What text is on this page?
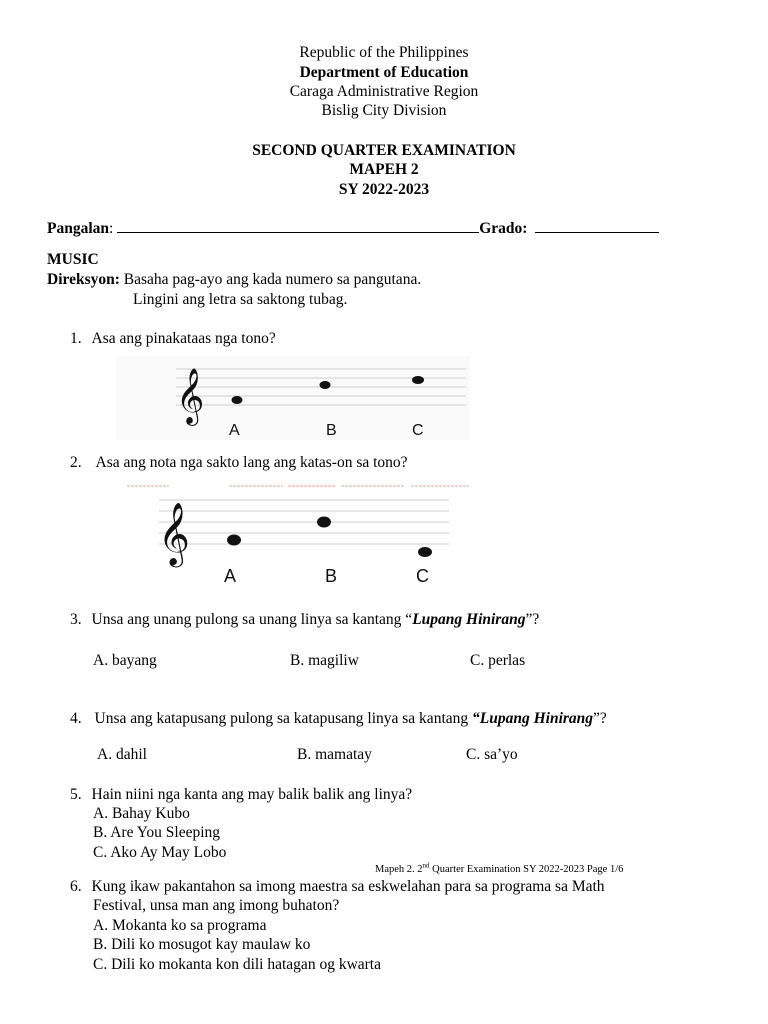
Republic of the Philippines
Department of Education
Caraga Administrative Region
Bislig City Division
SECOND QUARTER EXAMINATION
MAPEH 2
SY 2022-2023
Pangalan:	Grado:
MUSIC
Direksyon: Basaha pag-ayo ang kada numero sa pangutana.
Lingini ang letra sa saktong tubag.
1. Asa ang pinakataas nga tono?
𝄞
A	B	C
2. Asa ang nota nga sakto lang ang katas-on sa tono?
𝄞
A	B	C
3. Unsa ang unang pulong sa unang linya sa kantang “Lupang Hinirang”?
A. bayang	B. magiliw	C. perlas
4. Unsa ang katapusang pulong sa katapusang linya sa kantang “Lupang Hinirang”?
A. dahil	B. mamatay	C. sa’yo
5. Hain niini nga kanta ang may balik balik ang linya?
A. Bahay Kubo
B. Are You Sleeping
C. Ako Ay May Lobo
Mapeh 2. 2nd Quarter Examination SY 2022-2023 Page 1/6
6. Kung ikaw pakantahon sa imong maestra sa eskwelahan para sa programa sa Math
Festival, unsa man ang imong buhaton?
A. Mokanta ko sa programa
B. Dili ko mosugot kay maulaw ko
C. Dili ko mokanta kon dili hatagan og kwarta
